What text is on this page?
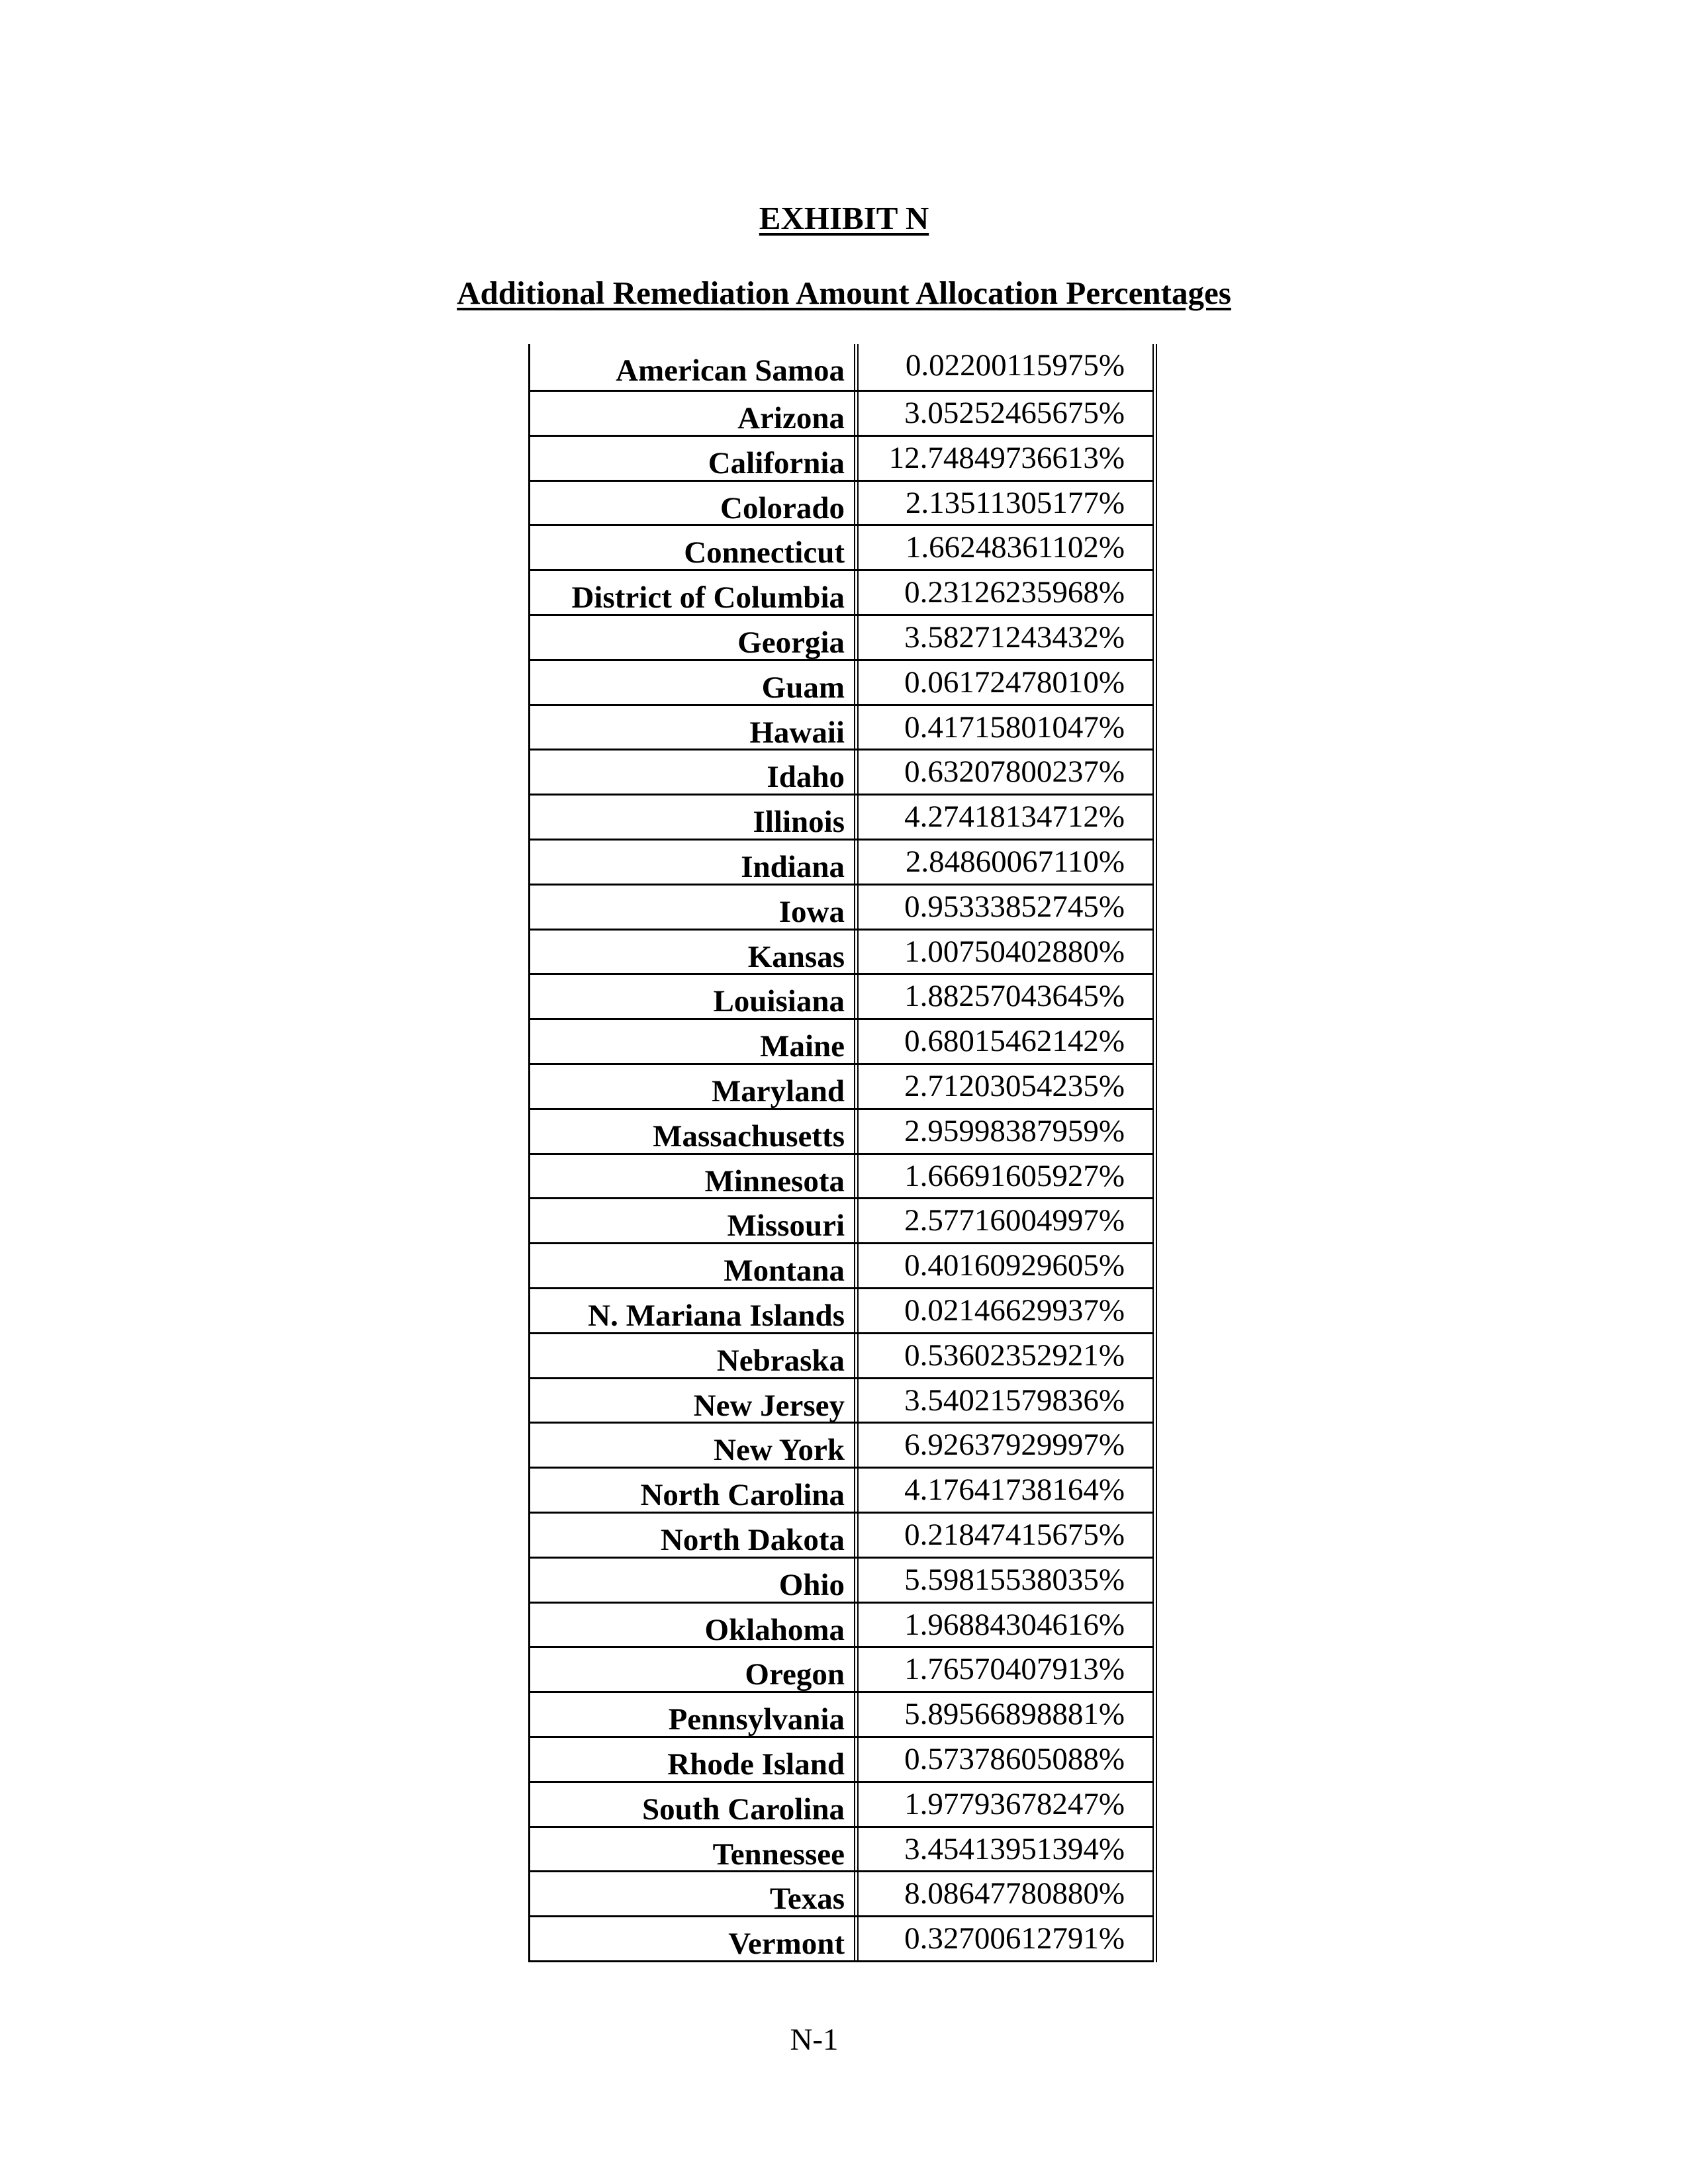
EXHIBIT N
Additional Remediation Amount Allocation Percentages
American Samoa	0.02200115975%
Arizona	3.05252465675%
California	12.74849736613%
Colorado	2.13511305177%
Connecticut	1.66248361102%
District of Columbia	0.23126235968%
Georgia	3.58271243432%
Guam	0.06172478010%
Hawaii	0.41715801047%
Idaho	0.63207800237%
Illinois	4.27418134712%
Indiana	2.84860067110%
Iowa	0.95333852745%
Kansas	1.00750402880%
Louisiana	1.88257043645%
Maine	0.68015462142%
Maryland	2.71203054235%
Massachusetts	2.95998387959%
Minnesota	1.66691605927%
Missouri	2.57716004997%
Montana	0.40160929605%
N. Mariana Islands	0.02146629937%
Nebraska	0.53602352921%
New Jersey	3.54021579836%
New York	6.92637929997%
North Carolina	4.17641738164%
North Dakota	0.21847415675%
Ohio	5.59815538035%
Oklahoma	1.96884304616%
Oregon	1.76570407913%
Pennsylvania	5.89566898881%
Rhode Island	0.57378605088%
South Carolina	1.97793678247%
Tennessee	3.45413951394%
Texas	8.08647780880%
Vermont	0.32700612791%
N-1
